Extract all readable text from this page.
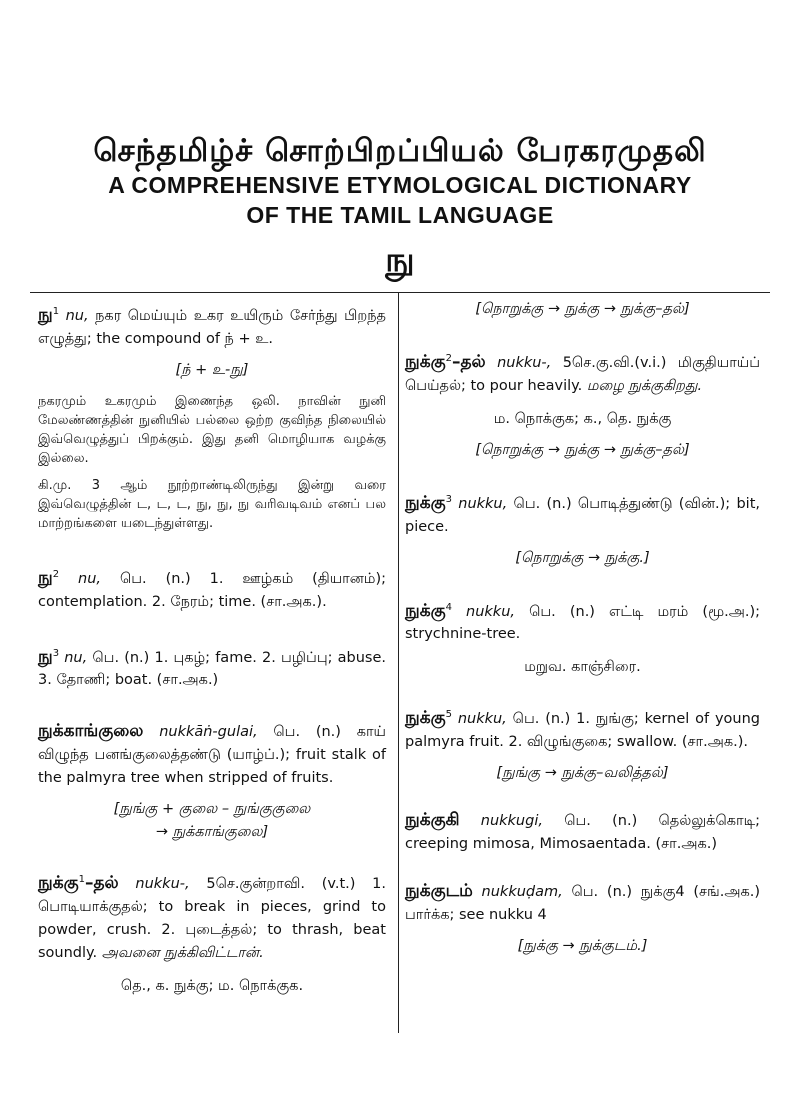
செந்தமிழ்ச் சொற்பிறப்பியல் பேரகரமுதலி
A COMPREHENSIVE ETYMOLOGICAL DICTIONARY
OF THE TAMIL LANGUAGE
நு
நு$^1$ nu, நகர மெய்யும் உகர உயிரும் சேர்ந்து பிறந்த எழுத்து; the compound of ந் + உ.
[ந் + உ-நு]
நகரமும் உகரமும் இணைந்த ஒலி. நாவின் நுனி மேலண்ணத்தின் நுனியில் பல்லை ஒற்ற குவிந்த நிலையில் இவ்வெழுத்துப் பிறக்கும். இது தனி மொழியாக வழக்கு இல்லை.
கி.மு. 3 ஆம் நூற்றாண்டிலிருந்து இன்று வரை இவ்வெழுத்தின் ட, ட, ட, நு, நு, நு வரிவடிவம் எனப் பல மாற்றங்களை யடைந்துள்ளது.
நு$^2$ nu, பெ. (n.) 1. ஊழ்கம் (தியானம்); contemplation. 2. நேரம்; time. (சா.அக.).
நு$^3$ nu, பெ. (n.) 1. புகழ்; fame. 2. பழிப்பு; abuse. 3. தோணி; boat. (சா.அக.)
நுக்காங்குலை nukkāṅ-gulai, பெ. (n.) காய் விழுந்த பனங்குலைத்தண்டு (யாழ்ப்.); fruit stalk of the palmyra tree when stripped of fruits.
[நுங்கு + குலை – நுங்குகுலை
→ நுக்காங்குலை]
நுக்கு$^1$–தல் nukku-, 5செ.குன்றாவி. (v.t.) 1. பொடியாக்குதல்; to break in pieces, grind to powder, crush. 2. புடைத்தல்; to thrash, beat soundly. அவனை நுக்கிவிட்டான்.
தெ., க. நுக்கு; ம. நொக்குக.
[நொறுக்கு → நுக்கு → நுக்கு–தல்]
நுக்கு$^2$–தல் nukku-, 5செ.கு.வி.(v.i.) மிகுதியாய்ப் பெய்தல்; to pour heavily. மழை நுக்குகிறது.
ம. நொக்குக; க., தெ. நுக்கு
[நொறுக்கு → நுக்கு → நுக்கு–தல்]
நுக்கு$^3$ nukku, பெ. (n.) பொடித்துண்டு (வின்.); bit, piece.
[நொறுக்கு → நுக்கு.]
நுக்கு$^4$ nukku, பெ. (n.) எட்டி மரம் (மூ.அ.); strychnine-tree.
மறுவ. காஞ்சிரை.
நுக்கு$^5$ nukku, பெ. (n.) 1. நுங்கு; kernel of young palmyra fruit. 2. விழுங்குகை; swallow. (சா.அக.).
[நுங்கு → நுக்கு–வலித்தல்]
நுக்குகி nukkugi, பெ. (n.) தெல்லுக்கொடி; creeping mimosa, Mimosaentada. (சா.அக.)
நுக்குடம் nukkuḍam, பெ. (n.) நுக்கு4 (சங்.அக.) பார்க்க; see nukku 4
[நுக்கு → நுக்குடம்.]
